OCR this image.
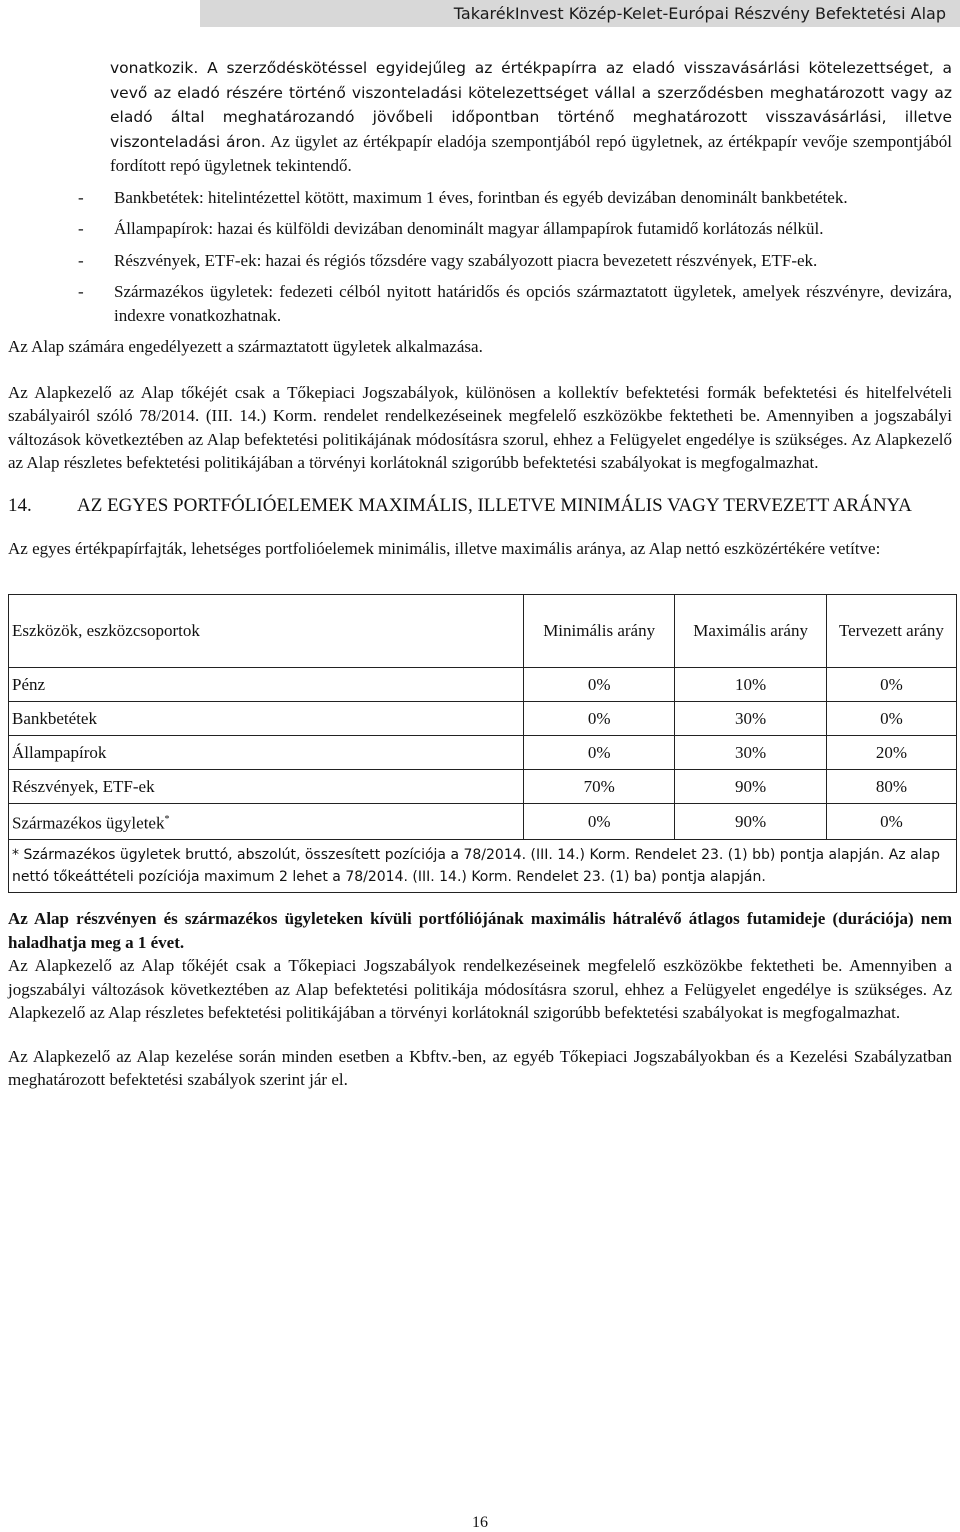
TakarékInvest Közép-Kelet-Európai Részvény Befektetési Alap

vonatkozik. A szerződéskötéssel egyidejűleg az értékpapírra az eladó visszavásárlási kötelezettséget, a vevő az eladó részére történő viszonteladási kötelezettséget vállal a szerződésben meghatározott vagy az eladó által meghatározandó jövőbeli időpontban történő meghatározott visszavásárlási, illetve viszonteladási áron. Az ügylet az értékpapír eladója szempontjából repó ügyletnek, az értékpapír vevője szempontjából fordított repó ügyletnek tekintendő.

- Bankbetétek: hitelintézettel kötött, maximum 1 éves, forintban és egyéb devizában denominált bankbetétek.
- Állampapírok: hazai és külföldi devizában denominált magyar állampapírok futamidő korlátozás nélkül.
- Részvények, ETF-ek: hazai és régiós tőzsdére vagy szabályozott piacra bevezetett részvények, ETF-ek.
- Származékos ügyletek: fedezeti célból nyitott határidős és opciós származtatott ügyletek, amelyek részvényre, devizára, indexre vonatkozhatnak.

Az Alap számára engedélyezett a származtatott ügyletek alkalmazása.

Az Alapkezelő az Alap tőkéjét csak a Tőkepiaci Jogszabályok, különösen a kollektív befektetési formák befektetési és hitelfelvételi szabályairól szóló 78/2014. (III. 14.) Korm. rendelet rendelkezéseinek megfelelő eszközökbe fektetheti be. Amennyiben a jogszabályi változások következtében az Alap befektetési politikájának módosításra szorul, ehhez a Felügyelet engedélye is szükséges. Az Alapkezelő az Alap részletes befektetési politikájában a törvényi korlátoknál szigorúbb befektetési szabályokat is megfogalmazhat.

14. AZ EGYES PORTFÓLIÓELEMEK MAXIMÁLIS, ILLETVE MINIMÁLIS VAGY TERVEZETT ARÁNYA

Az egyes értékpapírfajták, lehetséges portfolióelemek minimális, illetve maximális aránya, az Alap nettó eszközértékére vetítve:

Eszközök, eszközcsoportok	Minimális arány	Maximális arány	Tervezett arány
Pénz	0%	10%	0%
Bankbetétek	0%	30%	0%
Állampapírok	0%	30%	20%
Részvények, ETF-ek	70%	90%	80%
Származékos ügyletek*	0%	90%	0%
* Származékos ügyletek bruttó, abszolút, összesített pozíciója a 78/2014. (III. 14.) Korm. Rendelet 23. (1) bb) pontja alapján. Az alap nettó tőkeáttételi pozíciója maximum 2 lehet a 78/2014. (III. 14.) Korm. Rendelet 23. (1) ba) pontja alapján.			

Az Alap részvényen és származékos ügyleteken kívüli portfóliójának maximális hátralévő átlagos futamideje (durációja) nem haladhatja meg a 1 évet.

Az Alapkezelő az Alap tőkéjét csak a Tőkepiaci Jogszabályok rendelkezéseinek megfelelő eszközökbe fektetheti be. Amennyiben a jogszabályi változások következtében az Alap befektetési politikája módosításra szorul, ehhez a Felügyelet engedélye is szükséges. Az Alapkezelő az Alap részletes befektetési politikájában a törvényi korlátoknál szigorúbb befektetési szabályokat is megfogalmazhat.

Az Alapkezelő az Alap kezelése során minden esetben a Kbftv.-ben, az egyéb Tőkepiaci Jogszabályokban és a Kezelési Szabályzatban meghatározott befektetési szabályok szerint jár el.

16
